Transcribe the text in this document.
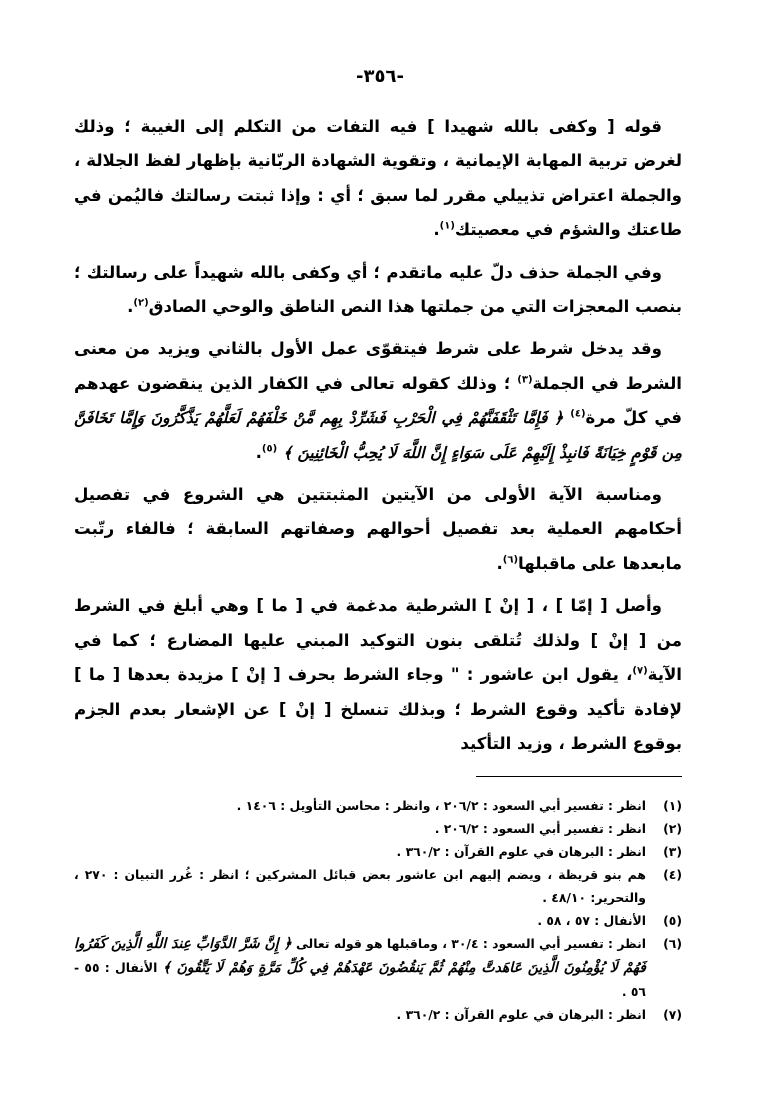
-٣٥٦-

قوله [ وكفى بالله شهيدا ] فيه التفات من التكلم إلى الغيبة ؛ وذلك لغرض تربية المهابة الإيمانية ، وتقوية الشهادة الربّانية بإظهار لفظ الجلالة ، والجملة اعتراض تذييلي مقرر لما سبق ؛ أي : وإذا ثبتت رسالتك فاليُمن في طاعتك والشؤم في معصيتك$^{(١)}$.

وفي الجملة حذف دلّ عليه ماتقدم ؛ أي وكفى بالله شهيداً على رسالتك ؛ بنصب المعجزات التي من جملتها هذا النص الناطق والوحي الصادق$^{(٢)}$.

وقد يدخل شرط على شرط فيتقوّى عمل الأول بالثاني ويزيد من معنى الشرط في الجملة$^{(٣)}$ ؛ وذلك كقوله تعالى في الكفار الذين ينقضون عهدهم في كلّ مرة$^{(٤)}$ ﴿ فَإِمَّا تَثْقَفَنَّهُمْ فِي الْحَرْبِ فَشَرِّدْ بِهِم مَّنْ خَلْفَهُمْ لَعَلَّهُمْ يَذَّكَّرُونَ وَإِمَّا تَخَافَنَّ مِن قَوْمٍ خِيَانَةً فَانبِذْ إِلَيْهِمْ عَلَى سَوَاءٍ إِنَّ اللَّهَ لَا يُحِبُّ الْخَائِنِينَ ﴾ $^{(٥)}$.

ومناسبة الآية الأولى من الآيتين المثبتتين هي الشروع في تفصيل أحكامهم العملية بعد تفصيل أحوالهم وصفاتهم السابقة ؛ فالفاء رتّبت مابعدها على ماقبلها$^{(٦)}$.

وأصل [ إمّا ] ، [ إنْ ] الشرطية مدغمة في [ ما ] وهي أبلغ في الشرط من [ إنْ ] ولذلك تُتلقى بنون التوكيد المبني عليها المضارع ؛ كما في الآية$^{(٧)}$، يقول ابن عاشور : " وجاء الشرط بحرف [ إنْ ] مزيدة بعدها [ ما ] لإفادة تأكيد وقوع الشرط ؛ وبذلك تنسلخ [ إنْ ] عن الإشعار بعدم الجزم بوقوع الشرط ، وزيد التأكيد

(١)
انظر : تفسير أبي السعود : ٢٠٦/٢ ، وانظر : محاسن التأويل : ١٤٠٦ .
(٢)
انظر : تفسير أبي السعود : ٢٠٦/٢ .
(٣)
انظر : البرهان في علوم القرآن : ٣٦٠/٢ .
(٤)
هم بنو قريظة ، ويضم إليهم ابن عاشور بعض قبائل المشركين ؛ انظر : غُرر التبيان : ٢٧٠ ، والتحرير: ٤٨/١٠ .
(٥)
الأنفال : ٥٧ ، ٥٨ .
(٦)
انظر : تفسير أبي السعود : ٣٠/٤ ، وماقبلها هو قوله تعالى ﴿ إِنَّ شَرَّ الدَّوَابِّ عِندَ اللَّهِ الَّذِينَ كَفَرُوا فَهُمْ لَا يُؤْمِنُونَ الَّذِينَ عَاهَدتَّ مِنْهُمْ ثُمَّ يَنقُضُونَ عَهْدَهُمْ فِي كُلِّ مَرَّةٍ وَهُمْ لَا يَتَّقُونَ ﴾ الأنفال : ٥٥ - ٥٦ .
(٧)
انظر : البرهان في علوم القرآن : ٣٦٠/٢ .
